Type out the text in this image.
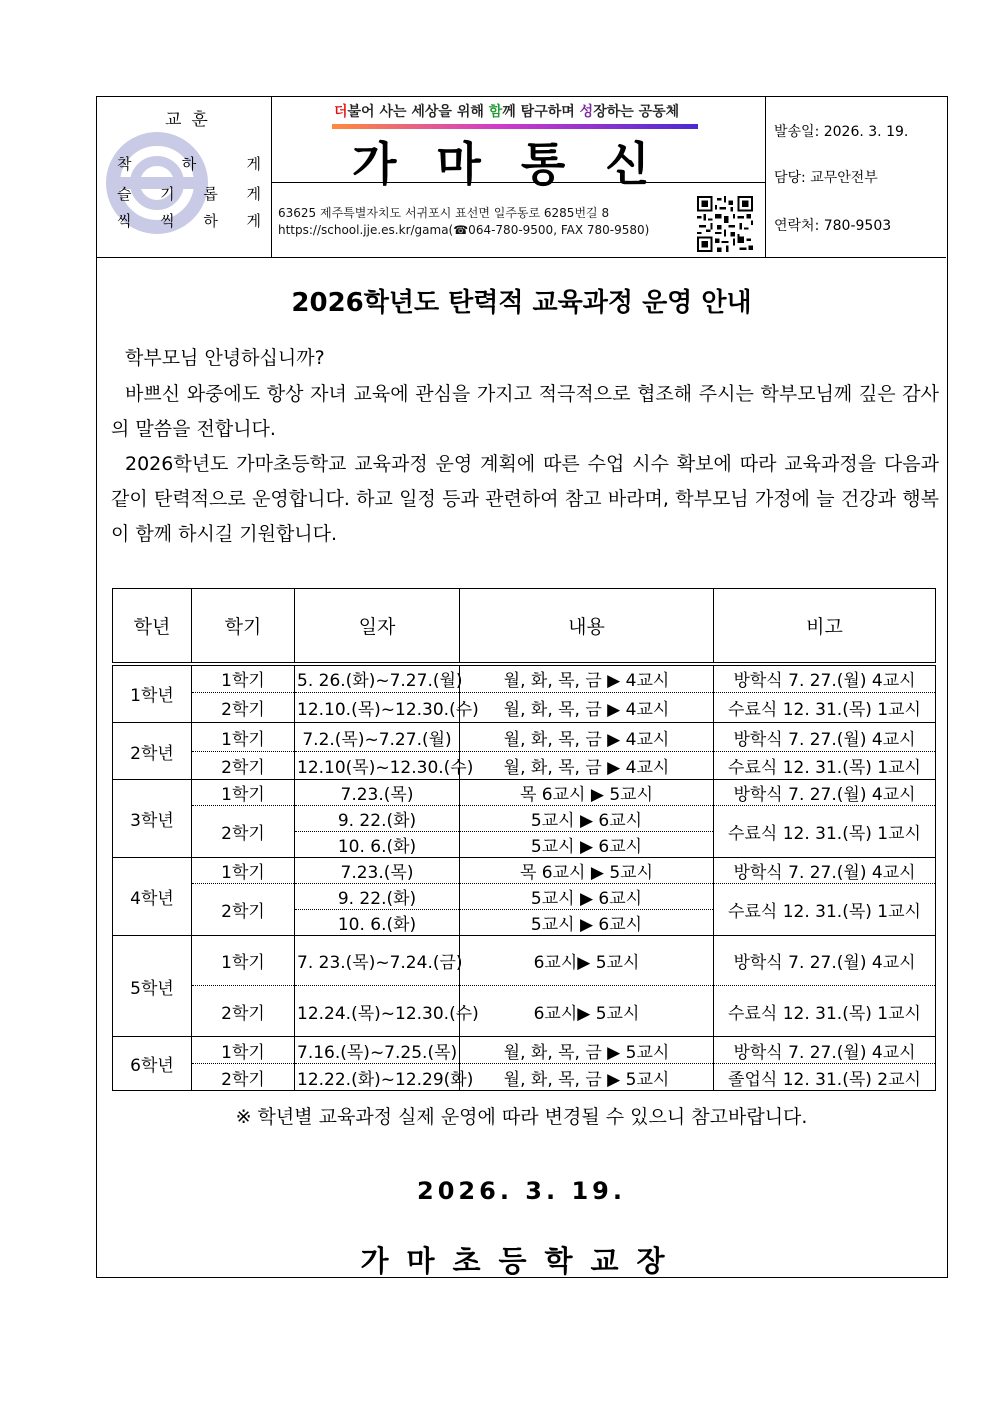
교훈
착	하	게
슬 기 롭 게
씩 씩 하 게
더불어 사는 세상을 위해 함께 탐구하며 성장하는 공동체
가마통신
63625 제주특별자치도 서귀포시 표선면 일주동로 6285번길 8
https://school.jje.es.kr/gama(☎064-780-9500, FAX 780-9580)
발송일: 2026. 3. 19.
담당: 교무안전부
연락처: 780-9503
2026학년도 탄력적 교육과정 운영 안내
학부모님 안녕하십니까?
바쁘신 와중에도 항상 자녀 교육에 관심을 가지고 적극적으로 협조해 주시는 학부모님께 깊은 감사의 말씀을 전합니다.
2026학년도 가마초등학교 교육과정 운영 계획에 따른 수업 시수 확보에 따라 교육과정을 다음과 같이 탄력적으로 운영합니다. 하교 일정 등과 관련하여 참고 바라며, 학부모님 가정에 늘 건강과 행복이 함께 하시길 기원합니다.
학년	학기	일자	내용	비고
1학년	1학기	5. 26.(화)~7.27.(월)	월, 화, 목, 금 ▶ 4교시	방학식 7. 27.(월) 4교시
	2학기	12.10.(목)~12.30.(수)	월, 화, 목, 금 ▶ 4교시	수료식 12. 31.(목) 1교시
2학년	1학기	7.2.(목)~7.27.(월)	월, 화, 목, 금 ▶ 4교시	방학식 7. 27.(월) 4교시
	2학기	12.10(목)~12.30.(수)	월, 화, 목, 금 ▶ 4교시	수료식 12. 31.(목) 1교시
3학년	1학기	7.23.(목)	목 6교시 ▶ 5교시	방학식 7. 27.(월) 4교시
	2학기	9. 22.(화)	5교시 ▶ 6교시	수료식 12. 31.(목) 1교시
		10. 6.(화)	5교시 ▶ 6교시	
4학년	1학기	7.23.(목)	목 6교시 ▶ 5교시	방학식 7. 27.(월) 4교시
	2학기	9. 22.(화)	5교시 ▶ 6교시	수료식 12. 31.(목) 1교시
		10. 6.(화)	5교시 ▶ 6교시	
5학년	1학기	7. 23.(목)~7.24.(금)	6교시▶ 5교시	방학식 7. 27.(월) 4교시
	2학기	12.24.(목)~12.30.(수)	6교시▶ 5교시	수료식 12. 31.(목) 1교시
6학년	1학기	7.16.(목)~7.25.(목)	월, 화, 목, 금 ▶ 5교시	방학식 7. 27.(월) 4교시
	2학기	12.22.(화)~12.29(화)	월, 화, 목, 금 ▶ 5교시	졸업식 12. 31.(목) 2교시
※ 학년별 교육과정 실제 운영에 따라 변경될 수 있으니 참고바랍니다.
2026. 3. 19.
가마초등학교장
